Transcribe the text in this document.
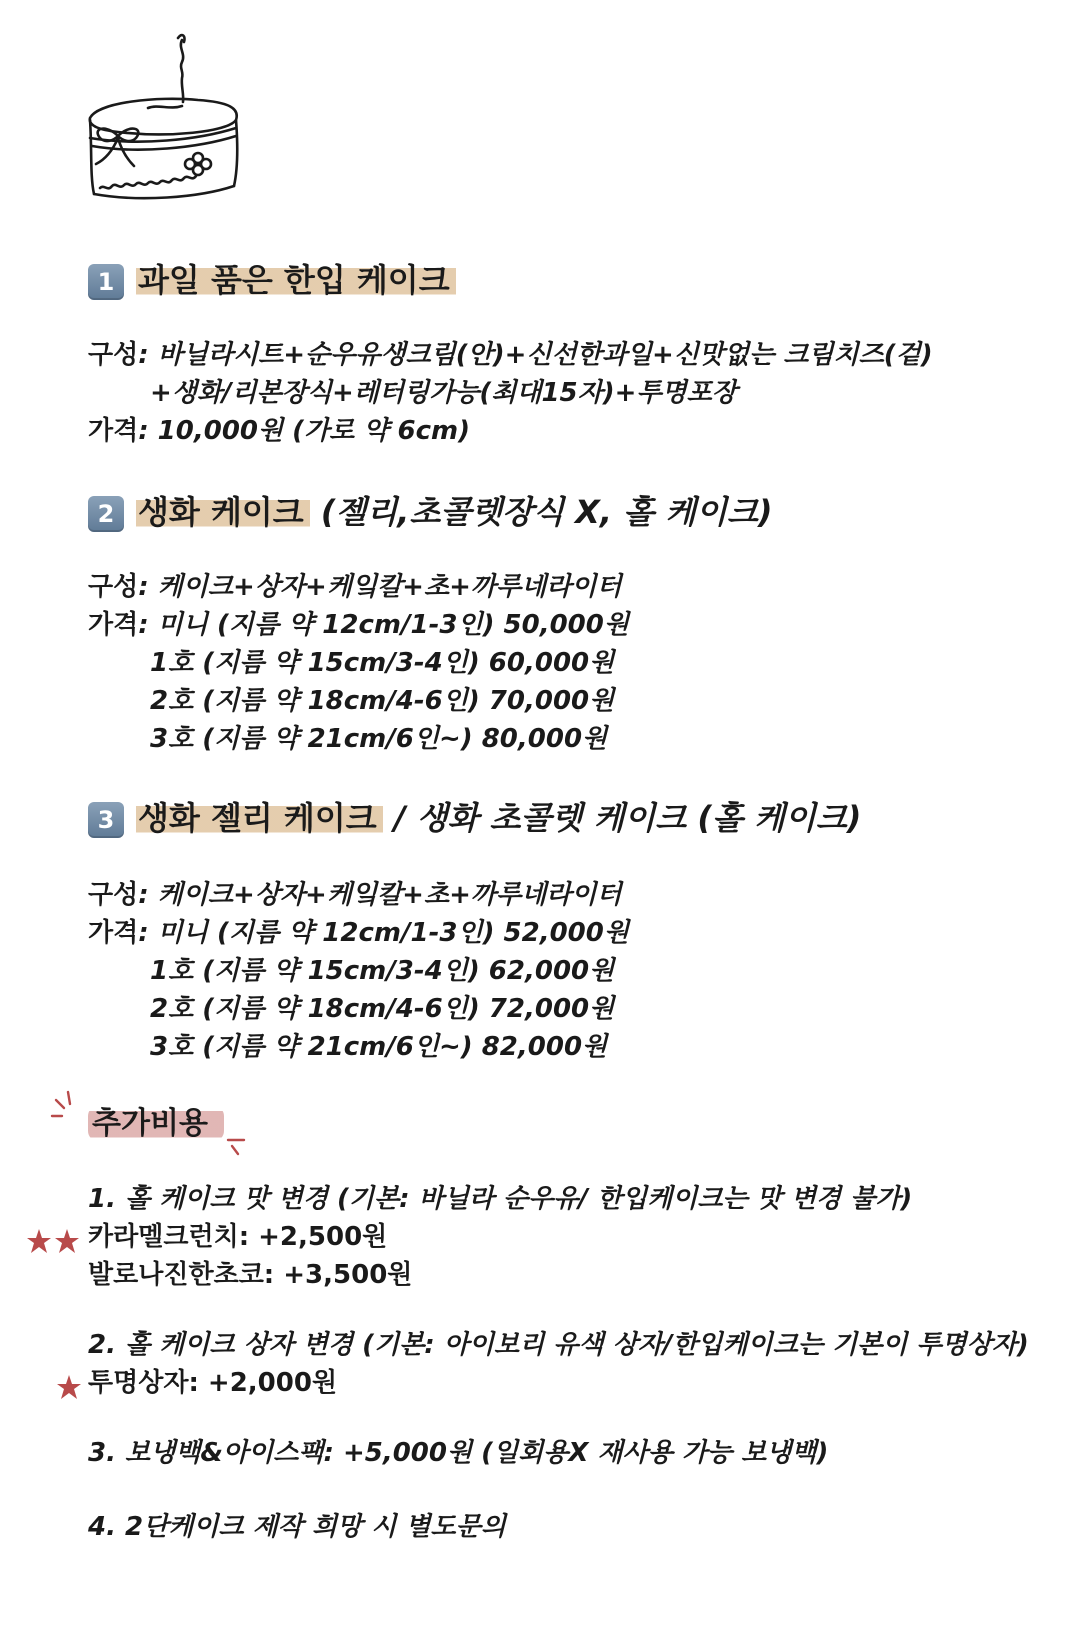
1 과일 품은 한입 케이크
구성: 바닐라시트+순우유생크림(안)+신선한과일+신맛없는 크림치즈(겉)
+생화/리본장식+레터링가능(최대15자)+투명포장
가격: 10,000원 (가로 약 6cm)
2 생화 케이크 (젤리,초콜렛장식 X, 홀 케이크)
구성: 케이크+상자+케잌칼+초+까루네라이터
가격: 미니 (지름 약 12cm/1-3인) 50,000원
1호 (지름 약 15cm/3-4인) 60,000원
2호 (지름 약 18cm/4-6인) 70,000원
3호 (지름 약 21cm/6인~) 80,000원
3 생화 젤리 케이크 / 생화 초콜렛 케이크 (홀 케이크)
구성: 케이크+상자+케잌칼+초+까루네라이터
가격: 미니 (지름 약 12cm/1-3인) 52,000원
1호 (지름 약 15cm/3-4인) 62,000원
2호 (지름 약 18cm/4-6인) 72,000원
3호 (지름 약 21cm/6인~) 82,000원
추가비용
1. 홀 케이크 맛 변경 (기본: 바닐라 순우유/ 한입케이크는 맛 변경 불가)
카라멜크런치: +2,500원
발로나진한초코: +3,500원
2. 홀 케이크 상자 변경 (기본: 아이보리 유색 상자/한입케이크는 기본이 투명상자)
투명상자: +2,000원
3. 보냉백&아이스팩: +5,000원 (일회용X 재사용 가능 보냉백)
4. 2단케이크 제작 희망 시 별도문의
